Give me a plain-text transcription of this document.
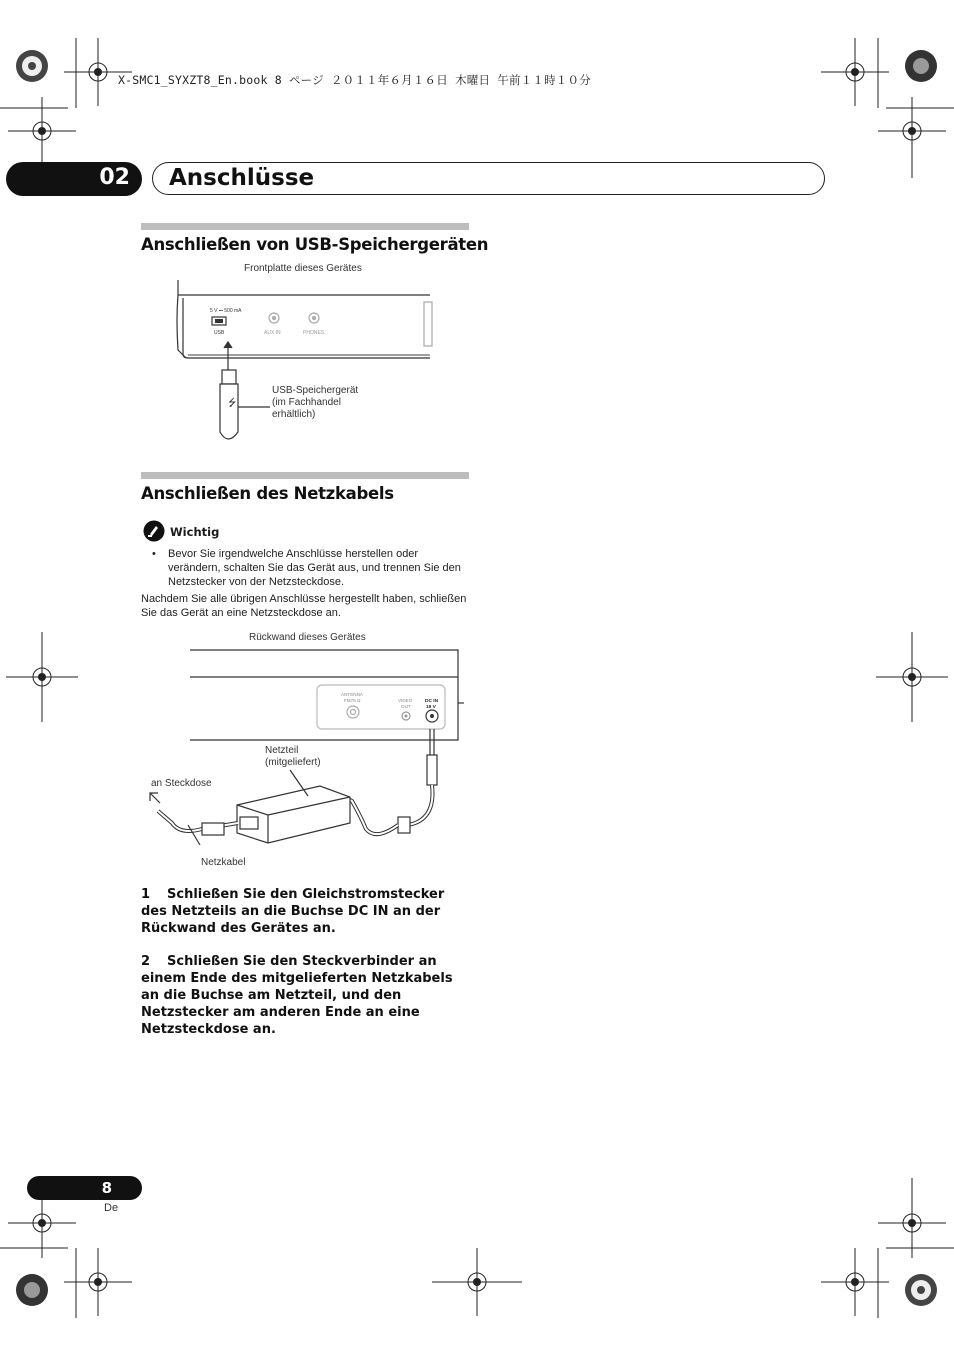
X-SMC1_SYXZT8_En.book 8 ページ ２０１１年６月１６日 木曜日 午前１１時１０分
02 Anschlüsse
Anschließen von USB-Speichergeräten
Frontplatte dieses Gerätes
5 V ⎓ 500 mA
USB	AUX IN	PHONES
⭍
USB-Speichergerät
(im Fachhandel
erhältlich)
Anschließen des Netzkabels
Wichtig
• Bevor Sie irgendwelche Anschlüsse herstellen oder verändern, schalten Sie das Gerät aus, und trennen Sie den Netzstecker von der Netzsteckdose.
Nachdem Sie alle übrigen Anschlüsse hergestellt haben, schließen Sie das Gerät an eine Netzsteckdose an.
Rückwand dieses Gerätes
ANTENNA
FM75 Ω	VIDEO
OUT
DC IN
19 V
Netzteil
(mitgeliefert)
an Steckdose
Netzkabel
1 Schließen Sie den Gleichstromstecker des Netzteils an die Buchse DC IN an der Rückwand des Gerätes an.
2 Schließen Sie den Steckverbinder an einem Ende des mitgelieferten Netzkabels an die Buchse am Netzteil, und den Netzstecker am anderen Ende an eine Netzsteckdose an.
8
De
